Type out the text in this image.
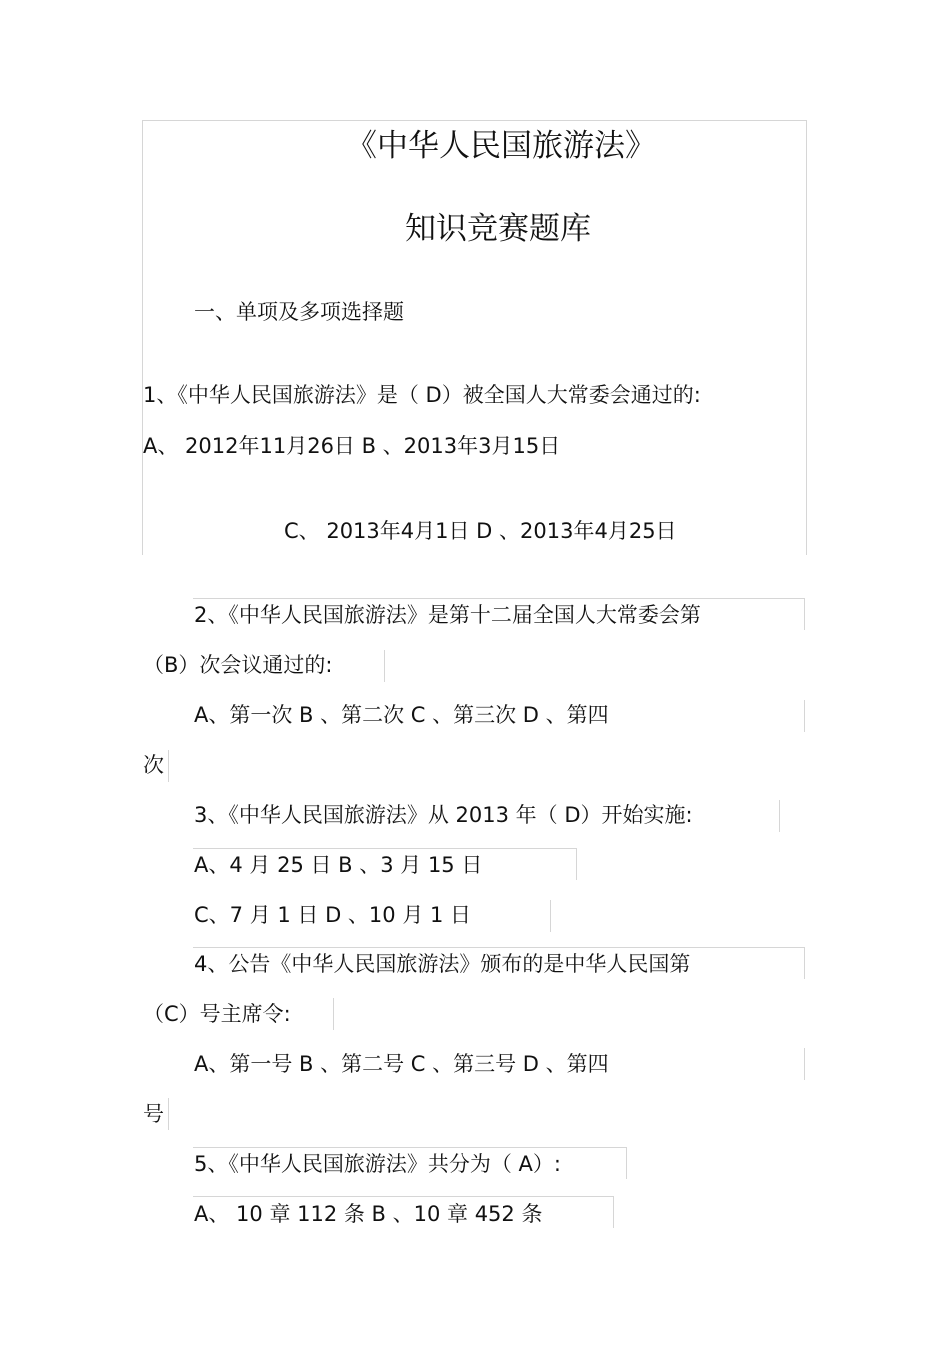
《中华人民国旅游法》
知识竞赛题库
一、单项及多项选择题
1、《中华人民国旅游法》是（ D）被全国人大常委会通过的:
A、 2012年11月26日 B 、2013年3月15日
C、 2013年4月1日 D 、2013年4月25日
2、《中华人民国旅游法》是第十二届全国人大常委会第
（B）次会议通过的:
A、第一次 B 、第二次 C 、第三次 D 、第四
次
3、《中华人民国旅游法》从 2013 年（ D）开始实施:
A、4 月 25 日 B 、3 月 15 日
C、7 月 1 日 D 、10 月 1 日
4、公告《中华人民国旅游法》颁布的是中华人民国第
（C）号主席令:
A、第一号 B 、第二号 C 、第三号 D 、第四
号
5、《中华人民国旅游法》共分为（ A）:
A、 10 章 112 条 B 、10 章 452 条
